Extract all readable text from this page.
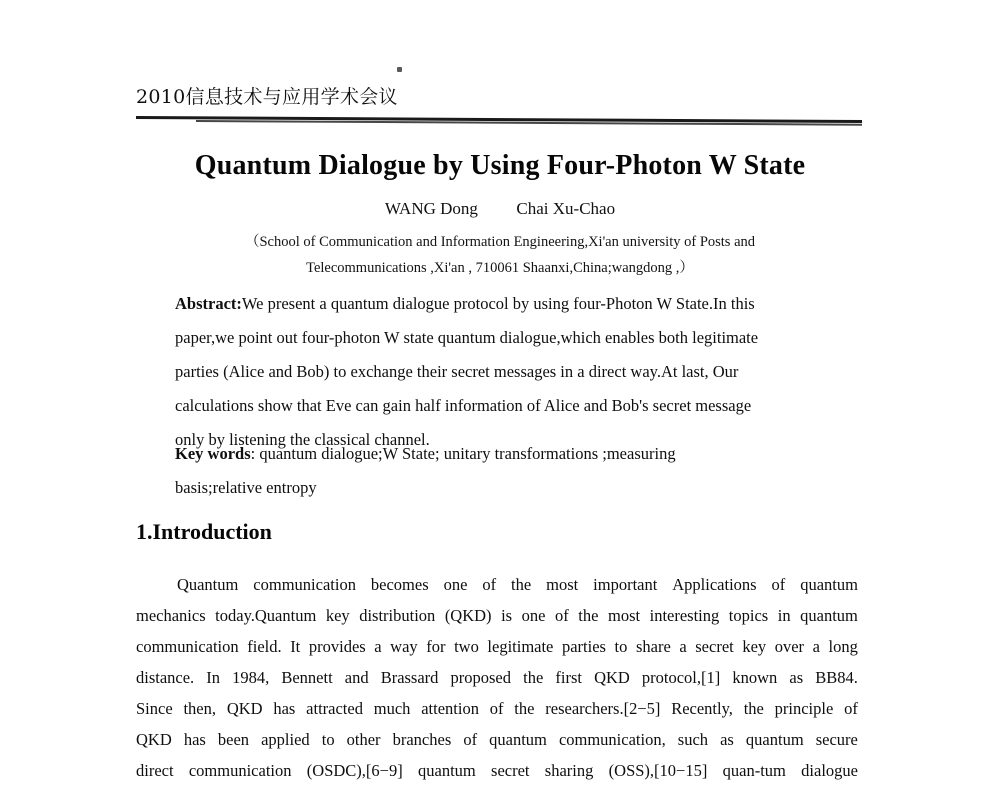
2010信息技术与应用学术会议
Quantum Dialogue by Using Four-Photon W State
WANG Dong Chai Xu-Chao
（School of Communication and Information Engineering,Xi'an university of Posts and
Telecommunications ,Xi'an , 710061 Shaanxi,China;wangdong ,）
Abstract:We present a quantum dialogue protocol by using four-Photon W State.In this
paper,we point out four-photon W state quantum dialogue,which enables both legitimate
parties (Alice and Bob) to exchange their secret messages in a direct way.At last, Our
calculations show that Eve can gain half information of Alice and Bob's secret message
only by listening the classical channel.
Key words: quantum dialogue;W State; unitary transformations ;measuring
basis;relative entropy
1.Introduction
Quantum communication becomes one of the most important Applications of quantum
mechanics today.Quantum key distribution (QKD) is one of the most interesting topics in quantum
communication field. It provides a way for two legitimate parties to share a secret key over a long
distance. In 1984, Bennett and Brassard proposed the first QKD protocol,[1] known as BB84.
Since then, QKD has attracted much attention of the researchers.[2−5] Recently, the principle of
QKD has been applied to other branches of quantum communication, such as quantum secure
direct communication (OSDC),[6−9] quantum secret sharing (OSS),[10−15] quan-tum dialogue
